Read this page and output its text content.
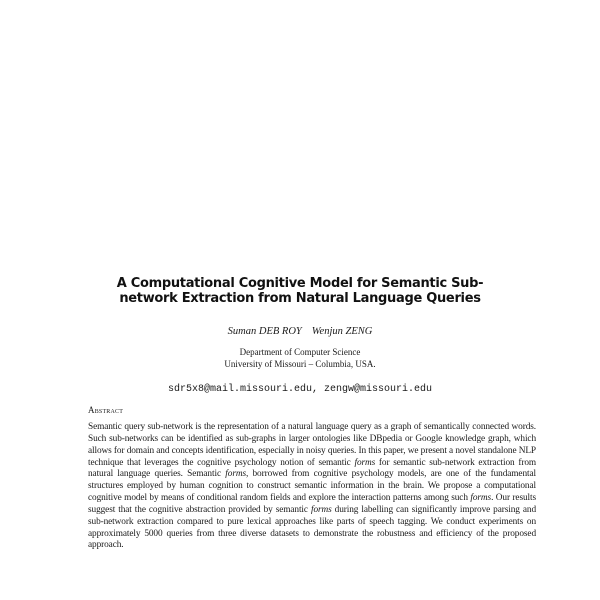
A Computational Cognitive Model for Semantic Sub-
network Extraction from Natural Language Queries
Suman DEB ROY Wenjun ZENG
Department of Computer Science
University of Missouri – Columbia, USA.
sdr5x8@mail.missouri.edu, zengw@missouri.edu
Abstract
Semantic query sub-network is the representation of a natural language query as a graph of semantically connected words. Such sub-networks can be identified as sub-graphs in larger ontologies like DBpedia or Google knowledge graph, which allows for domain and concepts identification, especially in noisy queries. In this paper, we present a novel standalone NLP technique that leverages the cognitive psychology notion of semantic forms for semantic sub-network extraction from natural language queries. Semantic forms, borrowed from cognitive psychology models, are one of the fundamental structures employed by human cognition to construct semantic information in the brain. We propose a computational cognitive model by means of conditional random fields and explore the interaction patterns among such forms. Our results suggest that the cognitive abstraction provided by semantic forms during labelling can significantly improve parsing and sub-network extraction compared to pure lexical approaches like parts of speech tagging. We conduct experiments on approximately 5000 queries from three diverse datasets to demonstrate the robustness and efficiency of the proposed approach.
